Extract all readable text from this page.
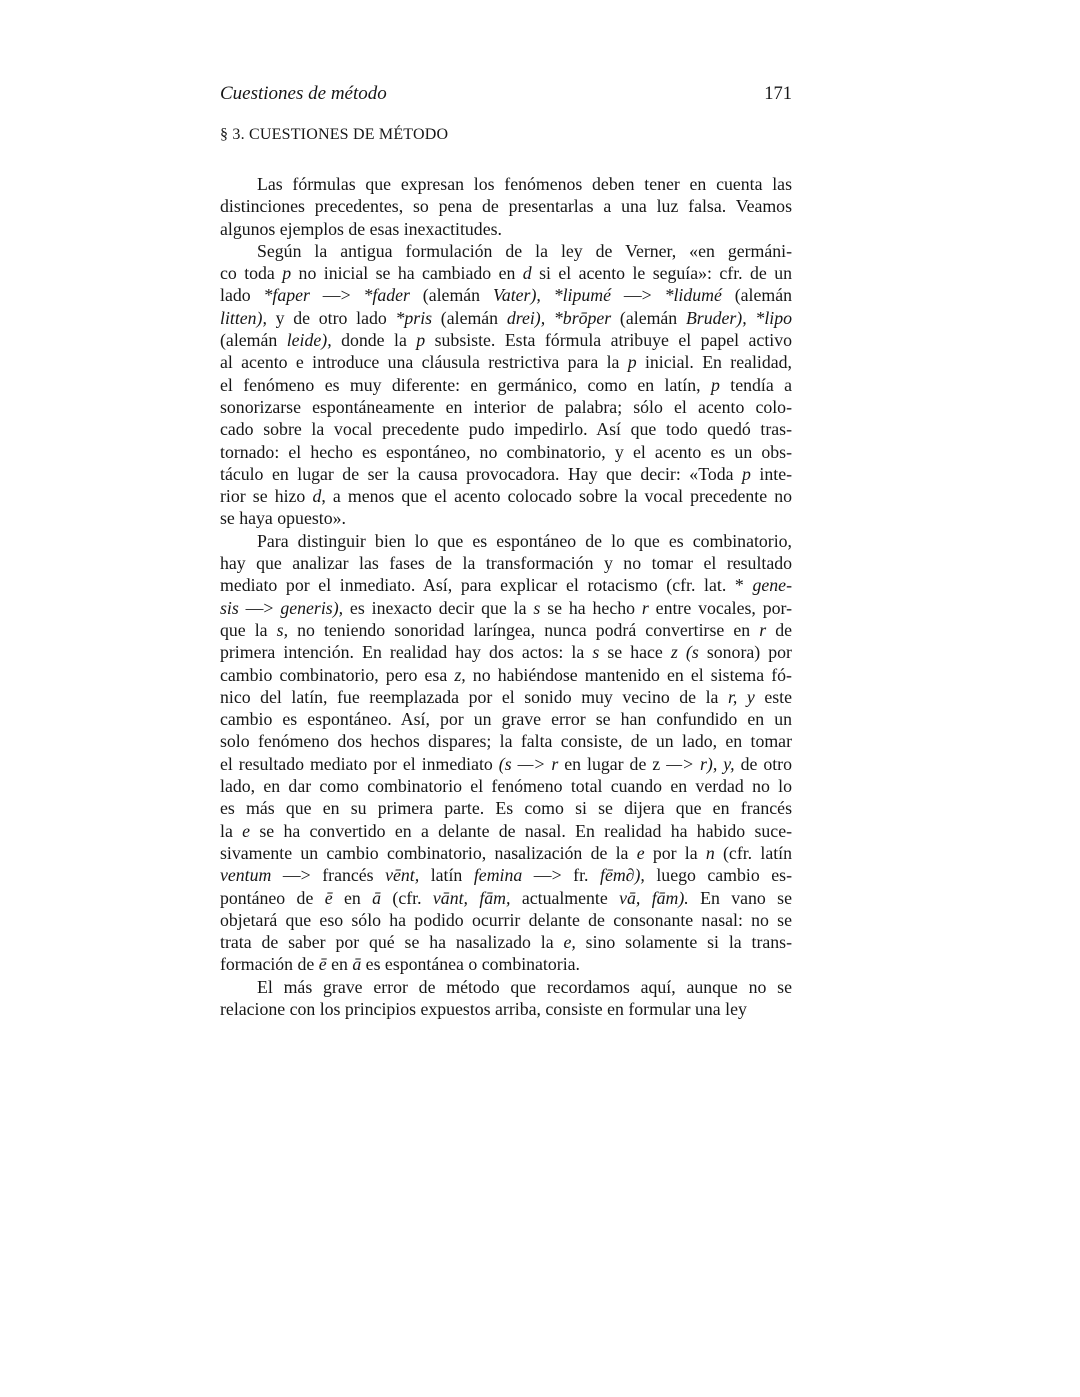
Cuestiones de método	171
§ 3. CUESTIONES DE MÉTODO
Las fórmulas que expresan los fenómenos deben tener en cuenta las
distinciones precedentes, so pena de presentarlas a una luz falsa. Veamos
algunos ejemplos de esas inexactitudes.
Según la antigua formulación de la ley de Verner, «en germáni-
co toda p no inicial se ha cambiado en d si el acento le seguía»: cfr. de un
lado *faper —> *fader (alemán Vater), *lipumé —> *lidumé (alemán
litten), y de otro lado *pris (alemán drei), *brōper (alemán Bruder), *lipo
(alemán leide), donde la p subsiste. Esta fórmula atribuye el papel activo
al acento e introduce una cláusula restrictiva para la p inicial. En realidad,
el fenómeno es muy diferente: en germánico, como en latín, p tendía a
sonorizarse espontáneamente en interior de palabra; sólo el acento colo-
cado sobre la vocal precedente pudo impedirlo. Así que todo quedó tras-
tornado: el hecho es espontáneo, no combinatorio, y el acento es un obs-
táculo en lugar de ser la causa provocadora. Hay que decir: «Toda p inte-
rior se hizo d, a menos que el acento colocado sobre la vocal precedente no
se haya opuesto».
Para distinguir bien lo que es espontáneo de lo que es combinatorio,
hay que analizar las fases de la transformación y no tomar el resultado
mediato por el inmediato. Así, para explicar el rotacismo (cfr. lat. * gene-
sis —> generis), es inexacto decir que la s se ha hecho r entre vocales, por-
que la s, no teniendo sonoridad laríngea, nunca podrá convertirse en r de
primera intención. En realidad hay dos actos: la s se hace z (s sonora) por
cambio combinatorio, pero esa z, no habiéndose mantenido en el sistema fó-
nico del latín, fue reemplazada por el sonido muy vecino de la r, y este
cambio es espontáneo. Así, por un grave error se han confundido en un
solo fenómeno dos hechos dispares; la falta consiste, de un lado, en tomar
el resultado mediato por el inmediato (s —> r en lugar de z —> r), y, de otro
lado, en dar como combinatorio el fenómeno total cuando en verdad no lo
es más que en su primera parte. Es como si se dijera que en francés
la e se ha convertido en a delante de nasal. En realidad ha habido suce-
sivamente un cambio combinatorio, nasalización de la e por la n (cfr. latín
ventum —> francés vēnt, latín femina —> fr. fēm∂), luego cambio es-
pontáneo de ē en ā (cfr. vānt, fām, actualmente vā, fām). En vano se
objetará que eso sólo ha podido ocurrir delante de consonante nasal: no se
trata de saber por qué se ha nasalizado la e, sino solamente si la trans-
formación de ē en ā es espontánea o combinatoria.
El más grave error de método que recordamos aquí, aunque no se
relacione con los principios expuestos arriba, consiste en formular una ley
